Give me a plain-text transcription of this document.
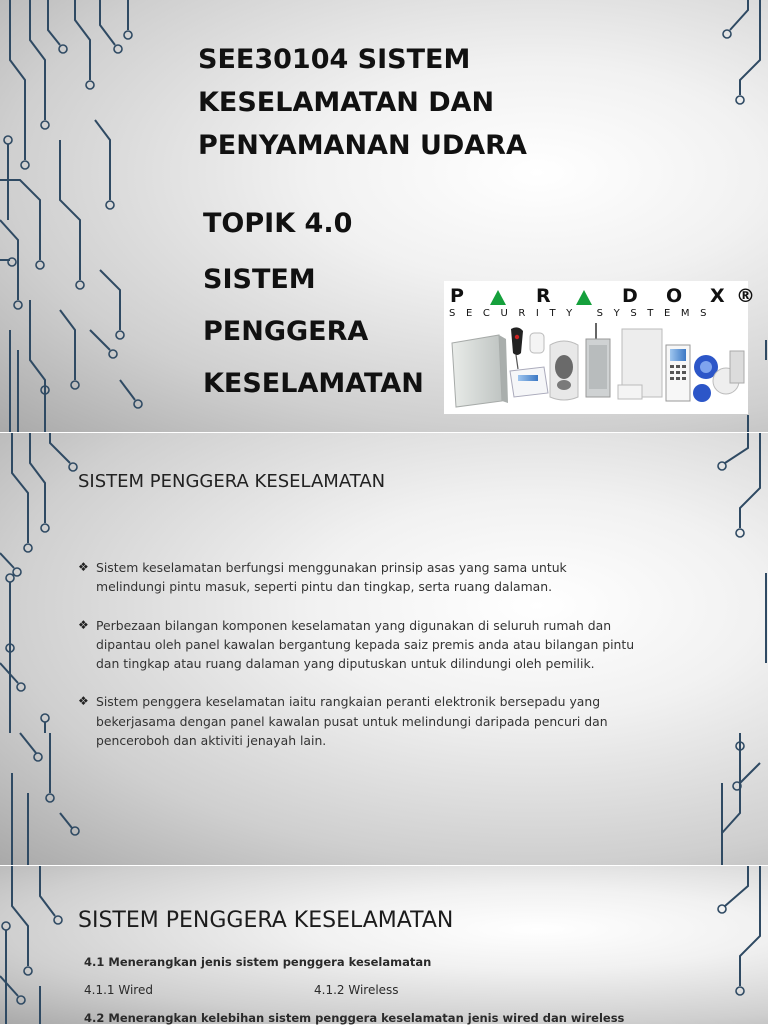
SEE30104 SISTEM
KESELAMATAN DAN
PENYAMANAN UDARA
TOPIK 4.0
SISTEM
PENGGERA
KESELAMATAN
P	R	D O X ®
SECURITY SYSTEMS
SISTEM PENGGERA KESELAMATAN
❖ Sistem keselamatan berfungsi menggunakan prinsip asas yang sama untuk melindungi pintu masuk, seperti pintu dan tingkap, serta ruang dalaman.
❖ Perbezaan bilangan komponen keselamatan yang digunakan di seluruh rumah dan dipantau oleh panel kawalan bergantung kepada saiz premis anda atau bilangan pintu dan tingkap atau ruang dalaman yang diputuskan untuk dilindungi oleh pemilik.
❖ Sistem penggera keselamatan iaitu rangkaian peranti elektronik bersepadu yang bekerjasama dengan panel kawalan pusat untuk melindungi daripada pencuri dan penceroboh dan aktiviti jenayah lain.
SISTEM PENGGERA KESELAMATAN
4.1 Menerangkan jenis sistem penggera keselamatan
4.1.1 Wired	4.1.2 Wireless
4.2 Menerangkan kelebihan sistem penggera keselamatan jenis wired dan wireless
